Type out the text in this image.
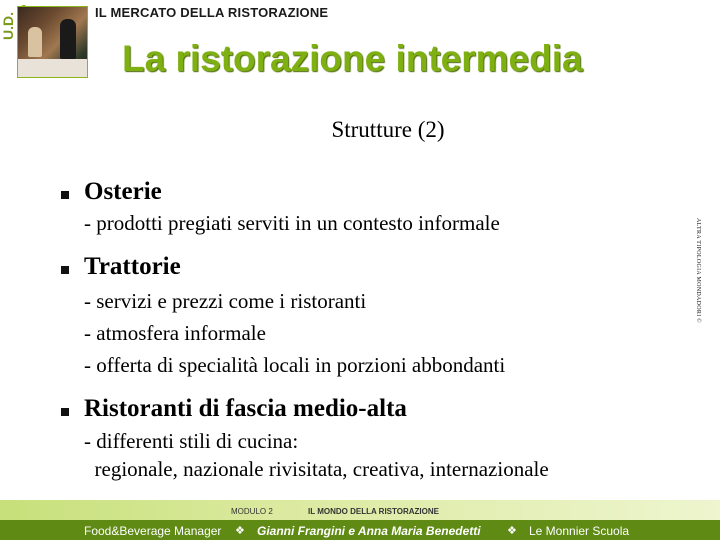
U.D.	IL MERCATO DELLA RISTORAZIONE
La ristorazione intermedia
Strutture (2)
ALTRA TIPOLOGIA MONDADORI ©
Osterie
- prodotti pregiati serviti in un contesto informale
Trattorie
- servizi e prezzi come i ristoranti
- atmosfera informale
- offerta di specialità locali in porzioni abbondanti
Ristoranti di fascia medio-alta
- differenti stili di cucina:
regionale, nazionale rivisitata, creativa, internazionale
MODULO 2	IL MONDO DELLA RISTORAZIONE
Food&Beverage Manager ❖ Gianni Frangini e Anna Maria Benedetti ❖ Le Monnier Scuola
